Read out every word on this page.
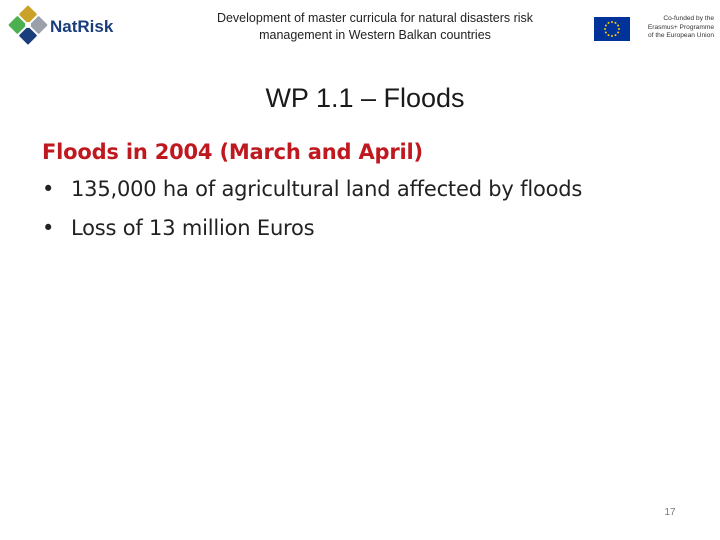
NatRisk	Development of master curricula for natural disasters risk
management in Western Balkan countries
Co-funded by the
Erasmus+ Programme
of the European Union
WP 1.1 – Floods
Floods in 2004 (March and April)
• 135,000 ha of agricultural land affected by floods
• Loss of 13 million Euros
17
